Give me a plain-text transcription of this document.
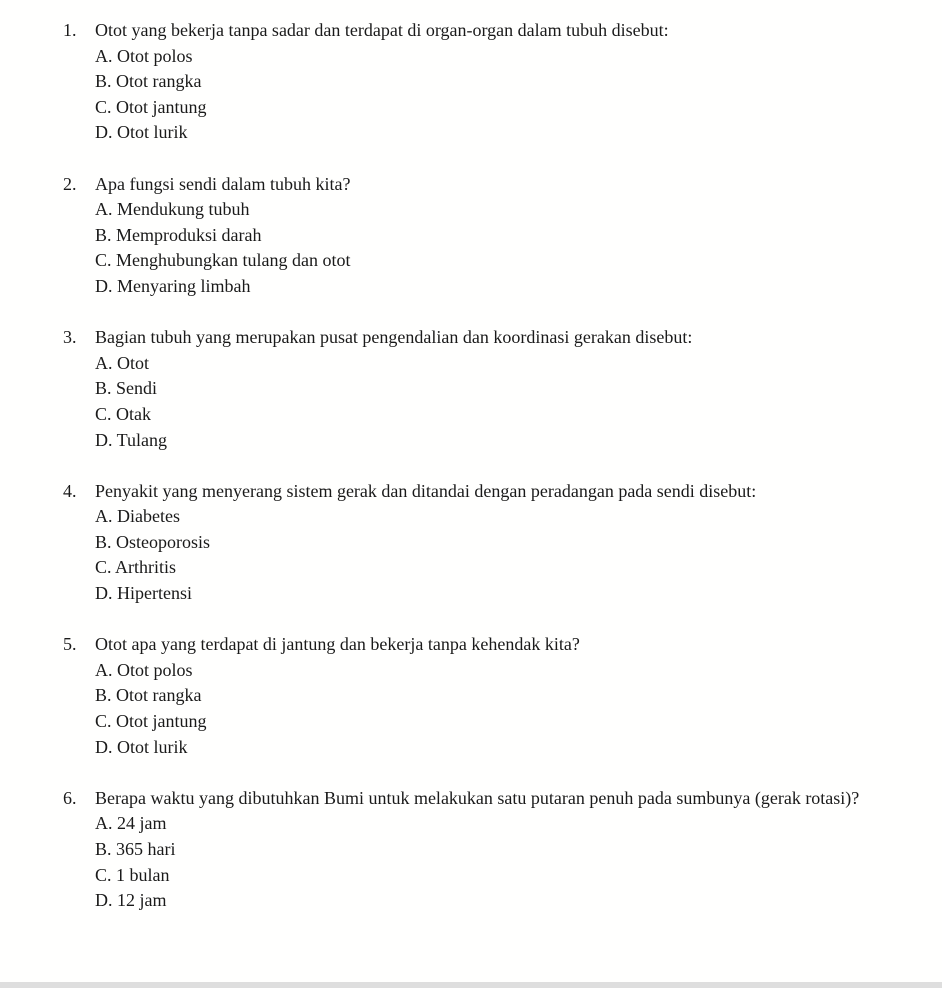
1.	Otot yang bekerja tanpa sadar dan terdapat di organ-organ dalam tubuh disebut:
A. Otot polos
B. Otot rangka
C. Otot jantung
D. Otot lurik
2.	Apa fungsi sendi dalam tubuh kita?
A. Mendukung tubuh
B. Memproduksi darah
C. Menghubungkan tulang dan otot
D. Menyaring limbah
3.	Bagian tubuh yang merupakan pusat pengendalian dan koordinasi gerakan disebut:
A. Otot
B. Sendi
C. Otak
D. Tulang
4.	Penyakit yang menyerang sistem gerak dan ditandai dengan peradangan pada sendi disebut:
A. Diabetes
B. Osteoporosis
C. Arthritis
D. Hipertensi
5.	Otot apa yang terdapat di jantung dan bekerja tanpa kehendak kita?
A. Otot polos
B. Otot rangka
C. Otot jantung
D. Otot lurik
6.	Berapa waktu yang dibutuhkan Bumi untuk melakukan satu putaran penuh pada sumbunya (gerak rotasi)?
A. 24 jam
B. 365 hari
C. 1 bulan
D. 12 jam
